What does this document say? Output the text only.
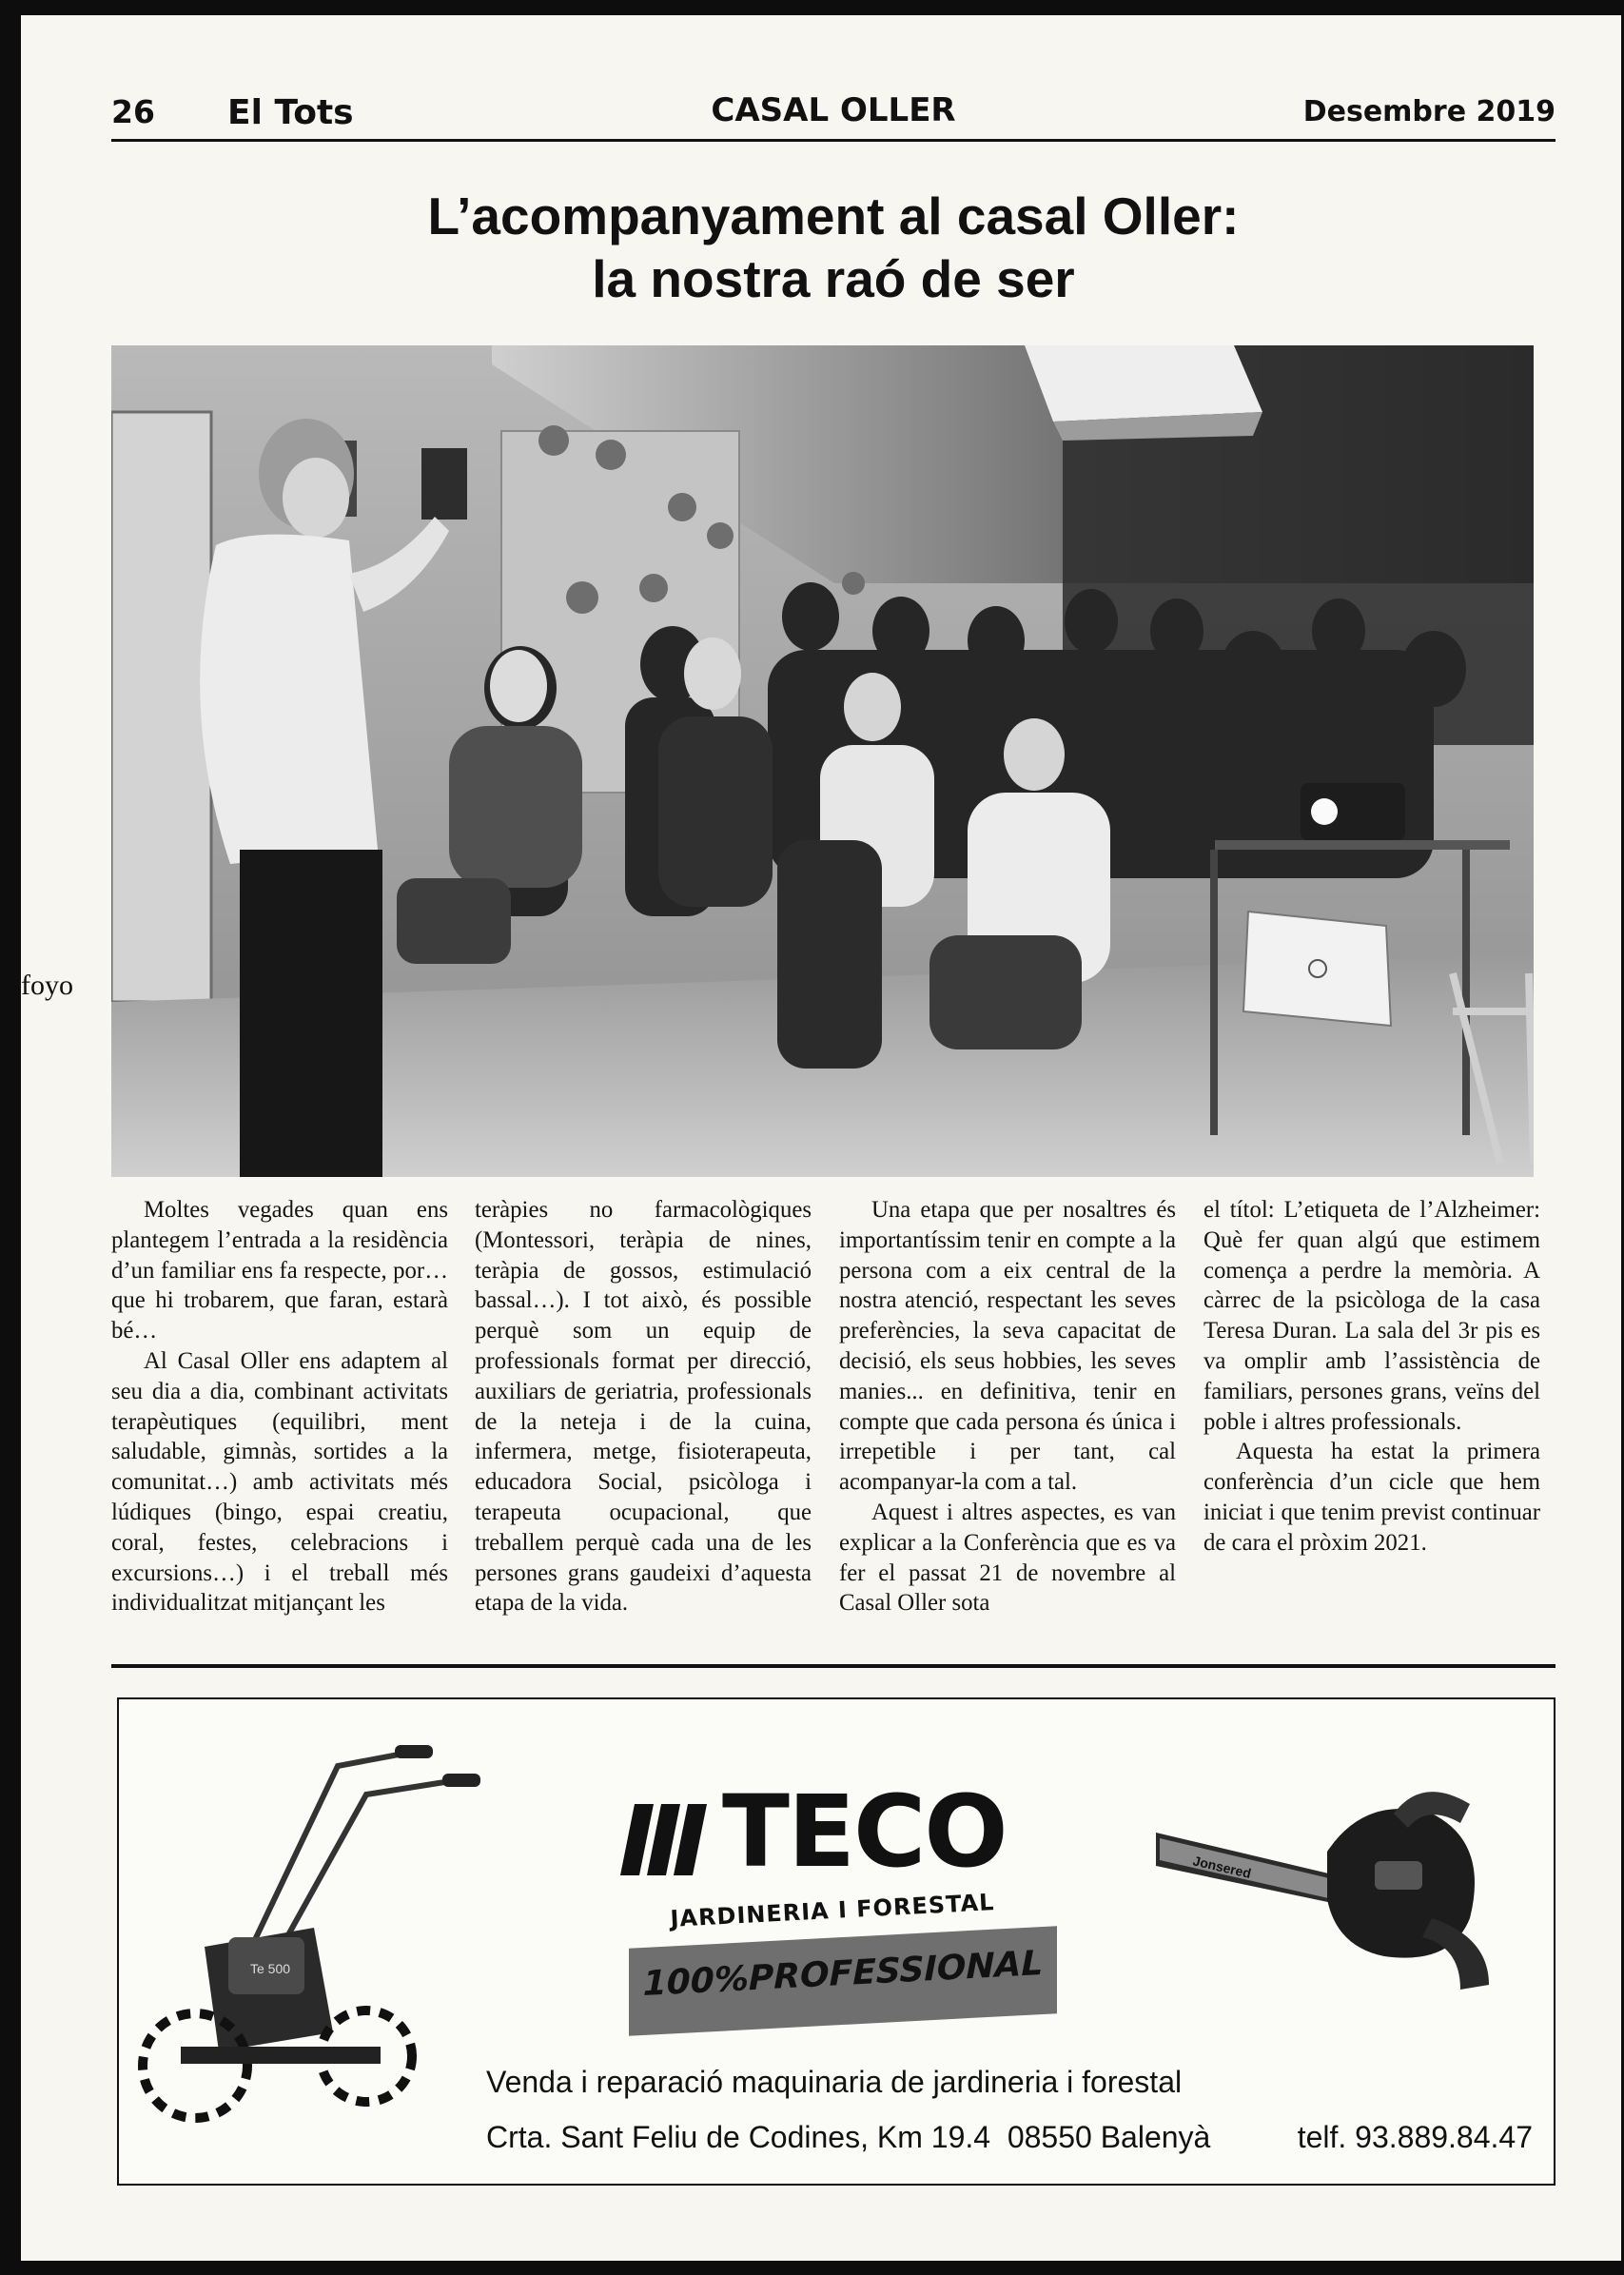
foyo
26 El Tots	CASAL OLLER	Desembre 2019
L’acompanyament al casal Oller:
la nostra raó de ser

Moltes vegades quan ens plantegem l’entrada a la residència d’un familiar ens fa respecte, por… que hi trobarem, que faran, estarà bé…

Al Casal Oller ens adaptem al seu dia a dia, combinant activitats terapèutiques (equilibri, ment saludable, gimnàs, sortides a la comunitat…) amb activitats més lúdiques (bingo, espai creatiu, coral, festes, celebracions i excursions…) i el treball més individualitzat mitjançant les

teràpies no farmacològiques (Montessori, teràpia de nines, teràpia de gossos, estimulació bassal…). I tot això, és possible perquè som un equip de professionals format per direcció, auxiliars de geriatria, professionals de la neteja i de la cuina, infermera, metge, fisioterapeuta, educadora Social, psicòloga i terapeuta ocupacional, que treballem perquè cada una de les persones grans gaudeixi d’aquesta etapa de la vida.

Una etapa que per nosaltres és importantíssim tenir en compte a la persona com a eix central de la nostra atenció, respectant les seves preferències, la seva capacitat de decisió, els seus hobbies, les seves manies... en definitiva, tenir en compte que cada persona és única i irrepetible i per tant, cal acompanyar-la com a tal.

Aquest i altres aspectes, es van explicar a la Conferència que es va fer el passat 21 de novembre al Casal Oller sota

el títol: L’etiqueta de l’Alzheimer: Què fer quan algú que estimem comença a perdre la memòria. A càrrec de la psicòloga de la casa Teresa Duran. La sala del 3r pis es va omplir amb l’assistència de familiars, persones grans, veïns del poble i altres professionals.

Aquesta ha estat la primera conferència d’un cicle que hem iniciat i que tenim previst continuar de cara el pròxim 2021.

Te 500
TECO
JARDINERIA I FORESTAL
100%PROFESSIONAL
Jonsered
Venda i reparació maquinaria de jardineria i forestal
Crta. Sant Feliu de Codines, Km 19.4  08550 Balenyà	telf. 93.889.84.47
